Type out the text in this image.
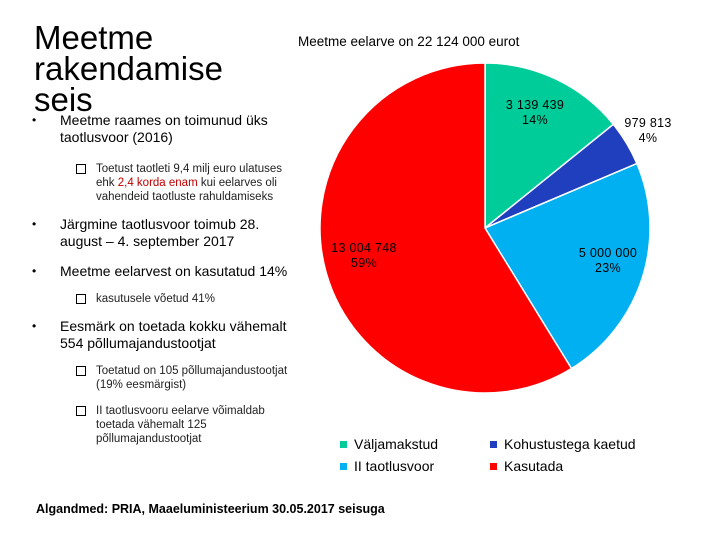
Meetme rakendamise seis
• Meetme raames on toimunud üks taotlusvoor (2016)
Toetust taotleti 9,4 milj euro ulatuses ehk 2,4 korda enam kui eelarves oli vahendeid taotluste rahuldamiseks
• Järgmine taotlusvoor toimub 28. august – 4. september 2017
• Meetme eelarvest on kasutatud 14%
kasutusele võetud 41%
• Eesmärk on toetada kokku vähemalt 554 põllumajandustootjat
Toetatud on 105 põllumajandustootjat (19% eesmärgist)
II taotlusvooru eelarve võimaldab toetada vähemalt 125 põllumajandustootjat
Meetme eelarve on 22 124 000 eurot
3 139 439
14%	979 813
4%
5 000 000
23%
13 004 748
59%
Väljamakstud	Kohustustega kaetud
II taotlusvoor	Kasutada
Algandmed: PRIA, Maaeluministeerium 30.05.2017 seisuga
